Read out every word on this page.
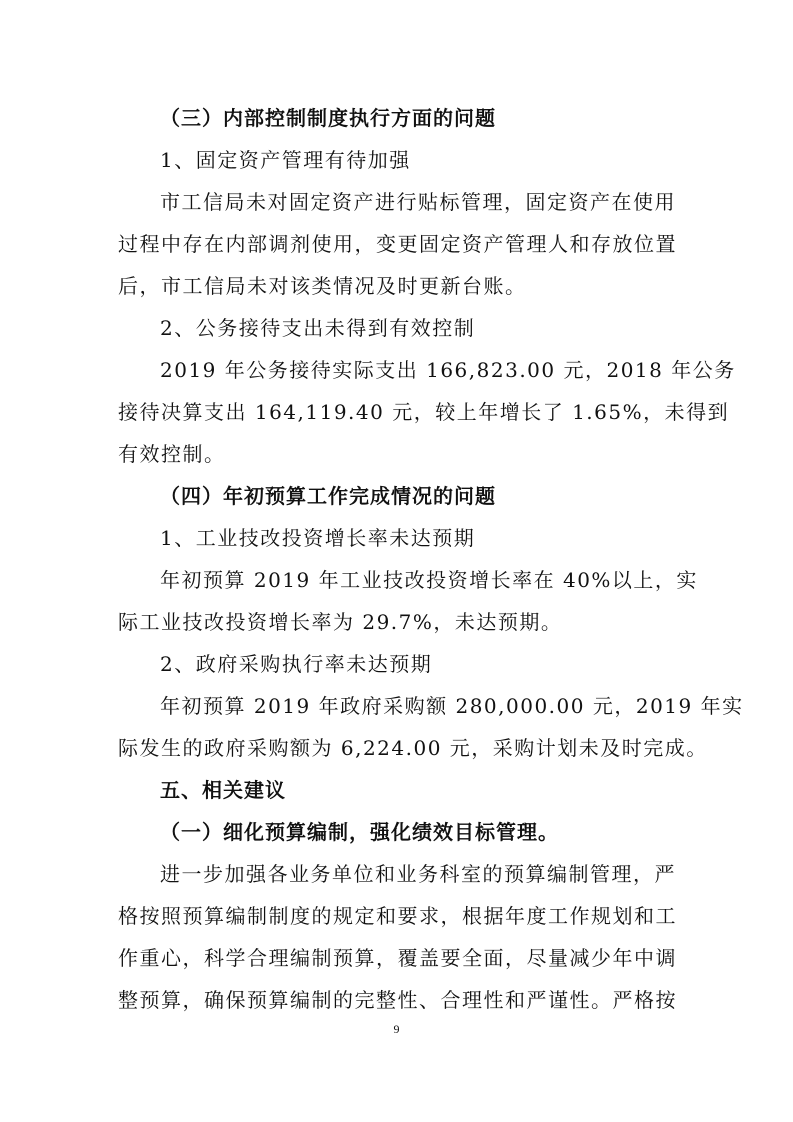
（三）内部控制制度执行方面的问题
1、固定资产管理有待加强
市工信局未对固定资产进行贴标管理，固定资产在使用
过程中存在内部调剂使用，变更固定资产管理人和存放位置
后，市工信局未对该类情况及时更新台账。
2、公务接待支出未得到有效控制
2019 年公务接待实际支出 166,823.00 元，2018 年公务
接待决算支出 164,119.40 元，较上年增长了 1.65%，未得到
有效控制。
（四）年初预算工作完成情况的问题
1、工业技改投资增长率未达预期
年初预算 2019 年工业技改投资增长率在 40%以上，实
际工业技改投资增长率为 29.7%，未达预期。
2、政府采购执行率未达预期
年初预算 2019 年政府采购额 280,000.00 元，2019 年实
际发生的政府采购额为 6,224.00 元，采购计划未及时完成。
五、相关建议
（一）细化预算编制，强化绩效目标管理。
进一步加强各业务单位和业务科室的预算编制管理，严
格按照预算编制制度的规定和要求，根据年度工作规划和工
作重心，科学合理编制预算，覆盖要全面，尽量减少年中调
整预算，确保预算编制的完整性、合理性和严谨性。严格按
9
